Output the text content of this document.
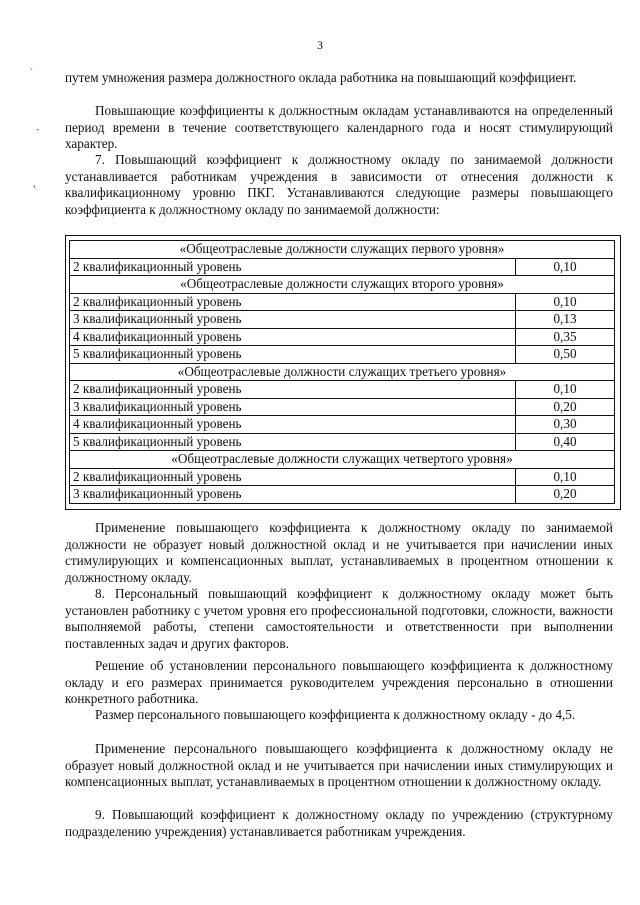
3
ˏ
-
‹

путем умножения размера должностного оклада работника на повышающий коэффициент.

Повышающие коэффициенты к должностным окладам устанавливаются на определенный период времени в течение соответствующего календарного года и носят стимулирующий характер.

7. Повышающий коэффициент к должностному окладу по занимаемой должности устанавливается работникам учреждения в зависимости от отнесения должности к квалификационному уровню ПКГ. Устанавливаются следующие размеры повышающего коэффициента к должностному окладу по занимаемой должности:

«Общеотраслевые должности служащих первого уровня»	
2 квалификационный уровень	0,10
«Общеотраслевые должности служащих второго уровня»	
2 квалификационный уровень	0,10
3 квалификационный уровень	0,13
4 квалификационный уровень	0,35
5 квалификационный уровень	0,50
«Общеотраслевые должности служащих третьего уровня»	
2 квалификационный уровень	0,10
3 квалификационный уровень	0,20
4 квалификационный уровень	0,30
5 квалификационный уровень	0,40
«Общеотраслевые должности служащих четвертого уровня»	
2 квалификационный уровень	0,10
3 квалификационный уровень	0,20

Применение повышающего коэффициента к должностному окладу по занимаемой должности не образует новый должностной оклад и не учитывается при начислении иных стимулирующих и компенсационных выплат, устанавливаемых в процентном отношении к должностному окладу.

8. Персональный повышающий коэффициент к должностному окладу может быть установлен работнику с учетом уровня его профессиональной подготовки, сложности, важности выполняемой работы, степени самостоятельности и ответственности при выполнении поставленных задач и других факторов.

Решение об установлении персонального повышающего коэффициента к должностному окладу и его размерах принимается руководителем учреждения персонально в отношении конкретного работника.

Размер персонального повышающего коэффициента к должностному окладу - до 4,5.

Применение персонального повышающего коэффициента к должностному окладу не образует новый должностной оклад и не учитывается при начислении иных стимулирующих и компенсационных выплат, устанавливаемых в процентном отношении к должностному окладу.

9. Повышающий коэффициент к должностному окладу по учреждению (структурному подразделению учреждения) устанавливается работникам учреждения.
